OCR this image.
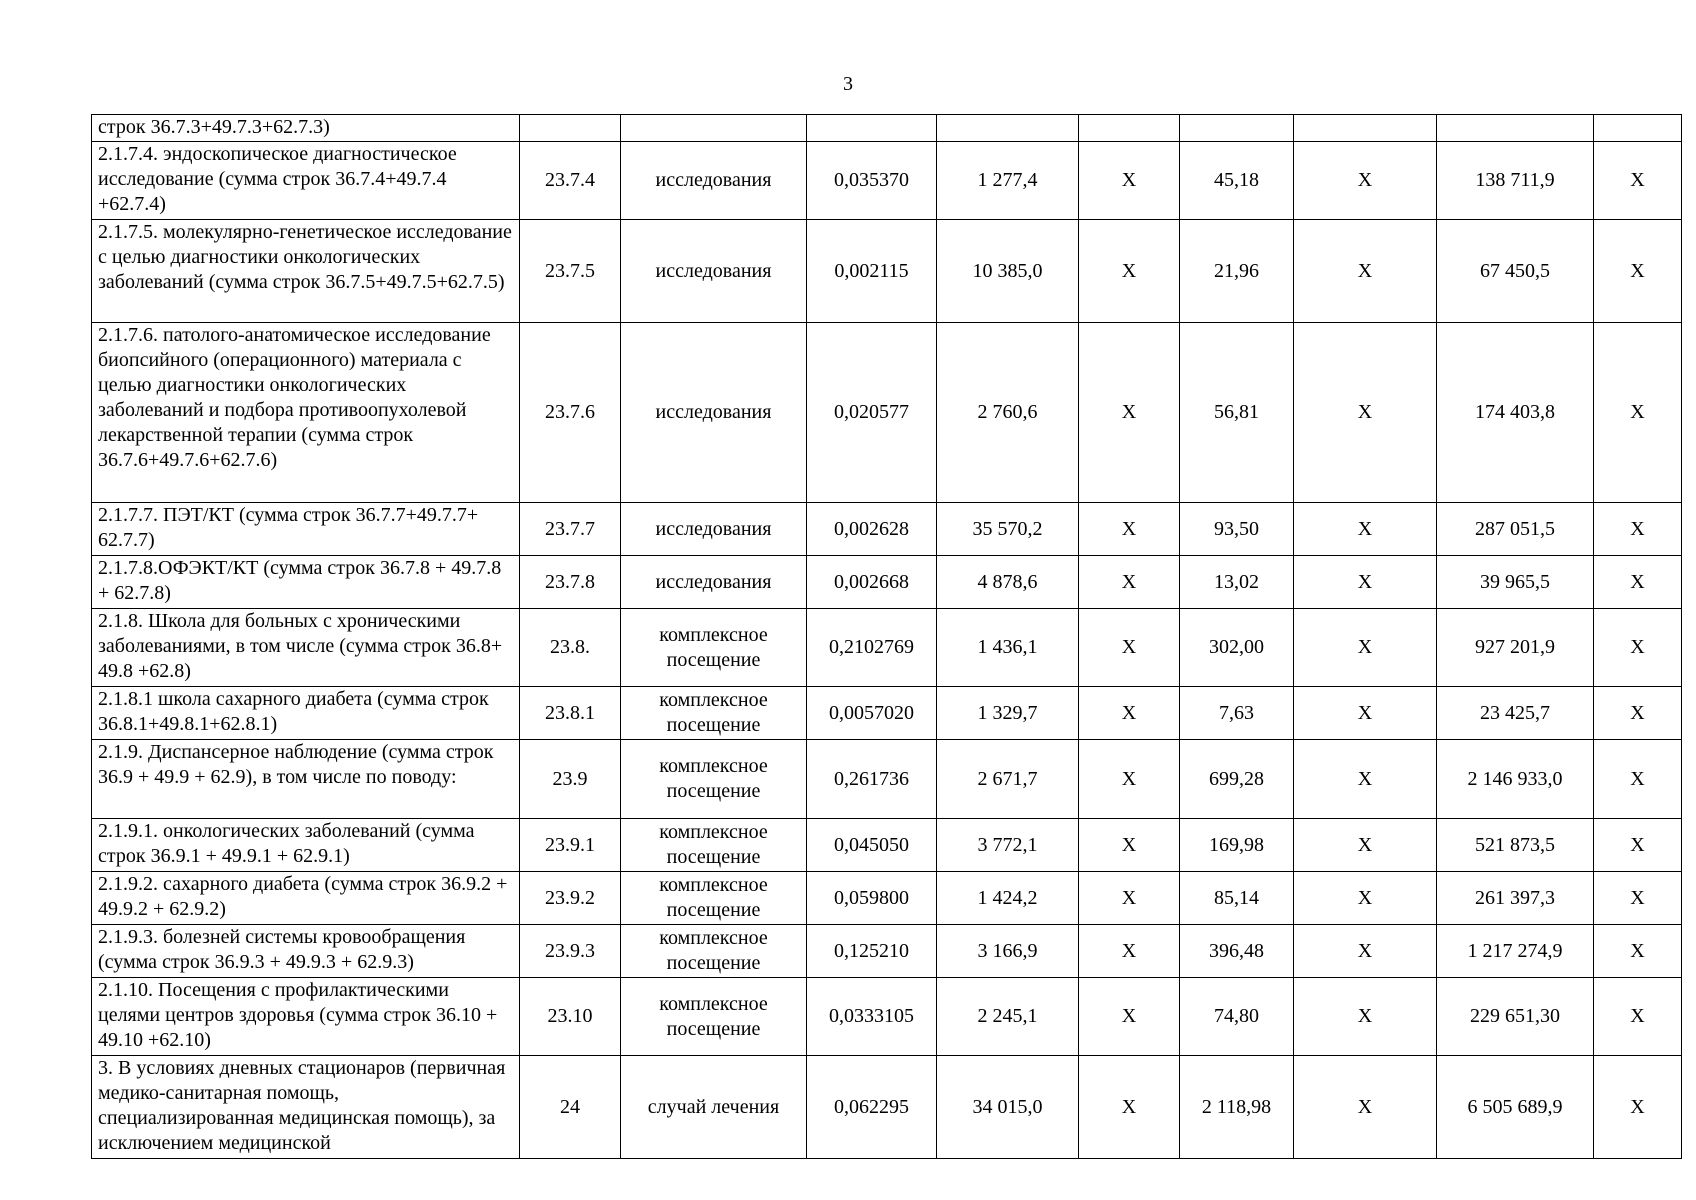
3
строк 36.7.3+49.7.3+62.7.3)									
2.1.7.4. эндоскопическое диагностическое исследование (сумма строк 36.7.4+49.7.4 +62.7.4)	23.7.4	исследования	0,035370	1 277,4	X	45,18	X	138 711,9	X
2.1.7.5. молекулярно-генетическое исследование с целью диагностики онкологических заболеваний (сумма строк 36.7.5+49.7.5+62.7.5)	23.7.5	исследования	0,002115	10 385,0	X	21,96	X	67 450,5	X
2.1.7.6. патолого-анатомическое исследование биопсийного (операционного) материала с целью диагностики онкологических заболеваний и подбора противоопухолевой лекарственной терапии (сумма строк 36.7.6+49.7.6+62.7.6)	23.7.6	исследования	0,020577	2 760,6	X	56,81	X	174 403,8	X
2.1.7.7. ПЭТ/КТ (сумма строк 36.7.7+49.7.7+ 62.7.7)	23.7.7	исследования	0,002628	35 570,2	X	93,50	X	287 051,5	X
2.1.7.8.ОФЭКТ/КТ (сумма строк 36.7.8 + 49.7.8 + 62.7.8)	23.7.8	исследования	0,002668	4 878,6	X	13,02	X	39 965,5	X
2.1.8. Школа для больных с хроническими заболеваниями, в том числе (сумма строк 36.8+ 49.8 +62.8)	23.8.	комплексное посещение	0,2102769	1 436,1	X	302,00	X	927 201,9	X
2.1.8.1 школа сахарного диабета (сумма строк 36.8.1+49.8.1+62.8.1)	23.8.1	комплексное посещение	0,0057020	1 329,7	X	7,63	X	23 425,7	X
2.1.9. Диспансерное наблюдение (сумма строк 36.9 + 49.9 + 62.9), в том числе по поводу:	23.9	комплексное посещение	0,261736	2 671,7	X	699,28	X	2 146 933,0	X
2.1.9.1. онкологических заболеваний (сумма строк 36.9.1 + 49.9.1 + 62.9.1)	23.9.1	комплексное посещение	0,045050	3 772,1	X	169,98	X	521 873,5	X
2.1.9.2. сахарного диабета (сумма строк 36.9.2 + 49.9.2 + 62.9.2)	23.9.2	комплексное посещение	0,059800	1 424,2	X	85,14	X	261 397,3	X
2.1.9.3. болезней системы кровообращения (сумма строк 36.9.3 + 49.9.3 + 62.9.3)	23.9.3	комплексное посещение	0,125210	3 166,9	X	396,48	X	1 217 274,9	X
2.1.10. Посещения с профилактическими целями центров здоровья (сумма строк 36.10 + 49.10 +62.10)	23.10	комплексное посещение	0,0333105	2 245,1	X	74,80	X	229 651,30	X
3. В условиях дневных стационаров (первичная медико-санитарная помощь, специализированная медицинская помощь), за исключением медицинской	24	случай лечения	0,062295	34 015,0	X	2 118,98	X	6 505 689,9	X
